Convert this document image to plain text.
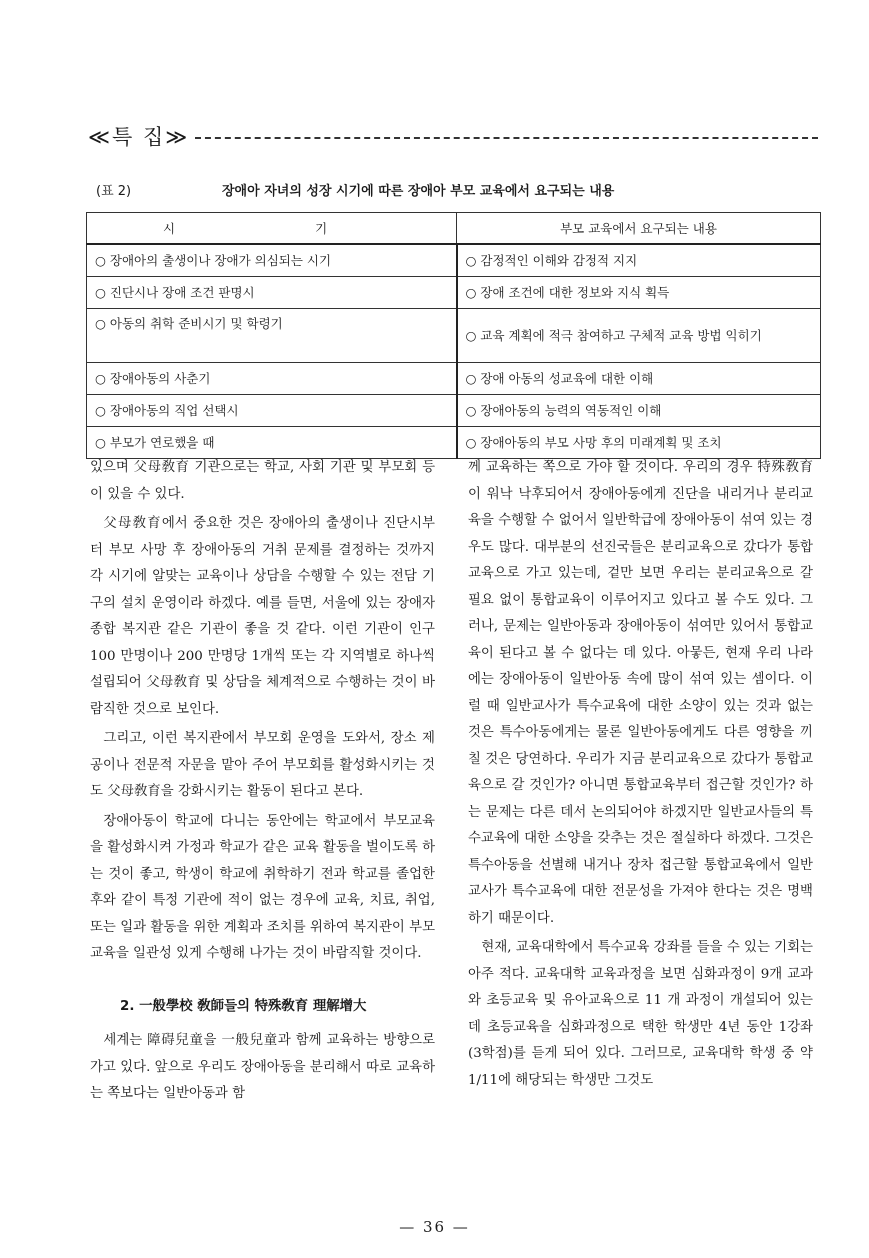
≪특 집≫
(표 2)	장애아 자녀의 성장 시기에 따른 장애아 부모 교육에서 요구되는 내용
시 기	부모 교육에서 요구되는 내용
○ 장애아의 출생이나 장애가 의심되는 시기	○ 감정적인 이해와 감정적 지지
○ 진단시나 장애 조건 판명시	○ 장애 조건에 대한 정보와 지식 획득
○ 아동의 취학 준비시기 및 학령기	○ 교육 계획에 적극 참여하고 구체적 교육 방법 익히기
○ 장애아동의 사춘기	○ 장애 아동의 성교육에 대한 이해
○ 장애아동의 직업 선택시	○ 장애아동의 능력의 역동적인 이해
○ 부모가 연로했을 때	○ 장애아동의 부모 사망 후의 미래계획 및 조치

있으며 父母敎育 기관으로는 학교, 사회 기관 및 부모회 등이 있을 수 있다.

父母敎育에서 중요한 것은 장애아의 출생이나 진단시부터 부모 사망 후 장애아동의 거취 문제를 결정하는 것까지 각 시기에 알맞는 교육이나 상담을 수행할 수 있는 전담 기구의 설치 운영이라 하겠다. 예를 들면, 서울에 있는 장애자 종합 복지관 같은 기관이 좋을 것 같다. 이런 기관이 인구 100 만명이나 200 만명당 1개씩 또는 각 지역별로 하나씩 설립되어 父母敎育 및 상담을 체계적으로 수행하는 것이 바람직한 것으로 보인다.

그리고, 이런 복지관에서 부모회 운영을 도와서, 장소 제공이나 전문적 자문을 맡아 주어 부모회를 활성화시키는 것도 父母敎育을 강화시키는 활동이 된다고 본다.

장애아동이 학교에 다니는 동안에는 학교에서 부모교육을 활성화시켜 가정과 학교가 같은 교육 활동을 벌이도록 하는 것이 좋고, 학생이 학교에 취학하기 전과 학교를 졸업한 후와 같이 특정 기관에 적이 없는 경우에 교육, 치료, 취업, 또는 일과 활동을 위한 계획과 조치를 위하여 복지관이 부모교육을 일관성 있게 수행해 나가는 것이 바람직할 것이다.

2. 一般學校 敎師들의 特殊敎育 理解增大

세계는 障碍兒童을 一般兒童과 함께 교육하는 방향으로 가고 있다. 앞으로 우리도 장애아동을 분리해서 따로 교육하는 쪽보다는 일반아동과 함

께 교육하는 쪽으로 가야 할 것이다. 우리의 경우 特殊敎育이 워낙 낙후되어서 장애아동에게 진단을 내리거나 분리교육을 수행할 수 없어서 일반학급에 장애아동이 섞여 있는 경우도 많다. 대부분의 선진국들은 분리교육으로 갔다가 통합교육으로 가고 있는데, 겉만 보면 우리는 분리교육으로 갈 필요 없이 통합교육이 이루어지고 있다고 볼 수도 있다. 그러나, 문제는 일반아동과 장애아동이 섞여만 있어서 통합교육이 된다고 볼 수 없다는 데 있다. 아뭏든, 현재 우리 나라에는 장애아동이 일반아동 속에 많이 섞여 있는 셈이다. 이럴 때 일반교사가 특수교육에 대한 소양이 있는 것과 없는 것은 특수아동에게는 물론 일반아동에게도 다른 영향을 끼칠 것은 당연하다. 우리가 지금 분리교육으로 갔다가 통합교육으로 갈 것인가? 아니면 통합교육부터 접근할 것인가? 하는 문제는 다른 데서 논의되어야 하겠지만 일반교사들의 특수교육에 대한 소양을 갖추는 것은 절실하다 하겠다. 그것은 특수아동을 선별해 내거나 장차 접근할 통합교육에서 일반교사가 특수교육에 대한 전문성을 가져야 한다는 것은 명백하기 때문이다.

현재, 교육대학에서 특수교육 강좌를 들을 수 있는 기회는 아주 적다. 교육대학 교육과정을 보면 심화과정이 9개 교과와 초등교육 및 유아교육으로 11 개 과정이 개설되어 있는데 초등교육을 심화과정으로 택한 학생만 4년 동안 1강좌(3학점)를 듣게 되어 있다. 그러므로, 교육대학 학생 중 약 1/11에 해당되는 학생만 그것도

— 36 —
